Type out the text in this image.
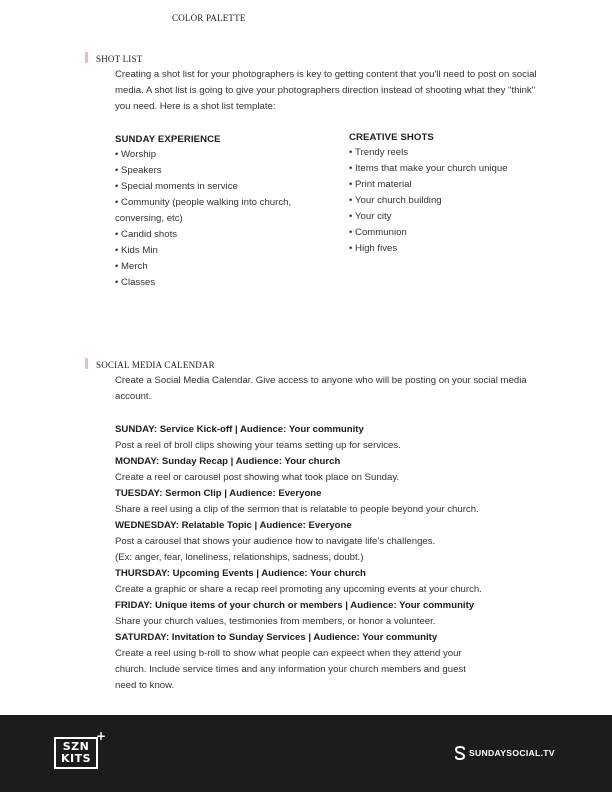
COLOR PALETTE
SHOT LIST
Creating a shot list for your photographers is key to getting content that you'll need to post on social media. A shot list is going to give your photographers direction instead of shooting what they "think" you need. Here is a shot list template:
SUNDAY EXPERIENCE
• Worship
• Speakers
• Special moments in service
• Community (people walking into church, conversing, etc)
• Candid shots
• Kids Min
• Merch
• Classes
CREATIVE SHOTS
• Trendy reels
• Items that make your church unique
• Print material
• Your church building
• Your city
• Communion
• High fives
SOCIAL MEDIA CALENDAR
Create a Social Media Calendar. Give access to anyone who will be posting on your social media account.
SUNDAY: Service Kick-off | Audience: Your community
Post a reel of broll clips showing your teams setting up for services.
MONDAY: Sunday Recap | Audience: Your church
Create a reel or carousel post showing what took place on Sunday.
TUESDAY: Sermon Clip | Audience: Everyone
Share a reel using a clip of the sermon that is relatable to people beyond your church.
WEDNESDAY: Relatable Topic | Audience: Everyone
Post a carousel that shows your audience how to navigate life's challenges.
(Ex: anger, fear, loneliness, relationships, sadness, doubt.)
THURSDAY: Upcoming Events | Audience: Your church
Create a graphic or share a recap reel promoting any upcoming events at your church.
FRIDAY: Unique items of your church or members | Audience: Your community
Share your church values, testimonies from members, or honor a volunteer.
SATURDAY: Invitation to Sunday Services | Audience: Your community
Create a reel using b-roll to show what people can expeect when they attend your
church. Include service times and any information your church members and guest
need to know.
SZN
KITS
+
SUNDAYSOCIAL.TV
